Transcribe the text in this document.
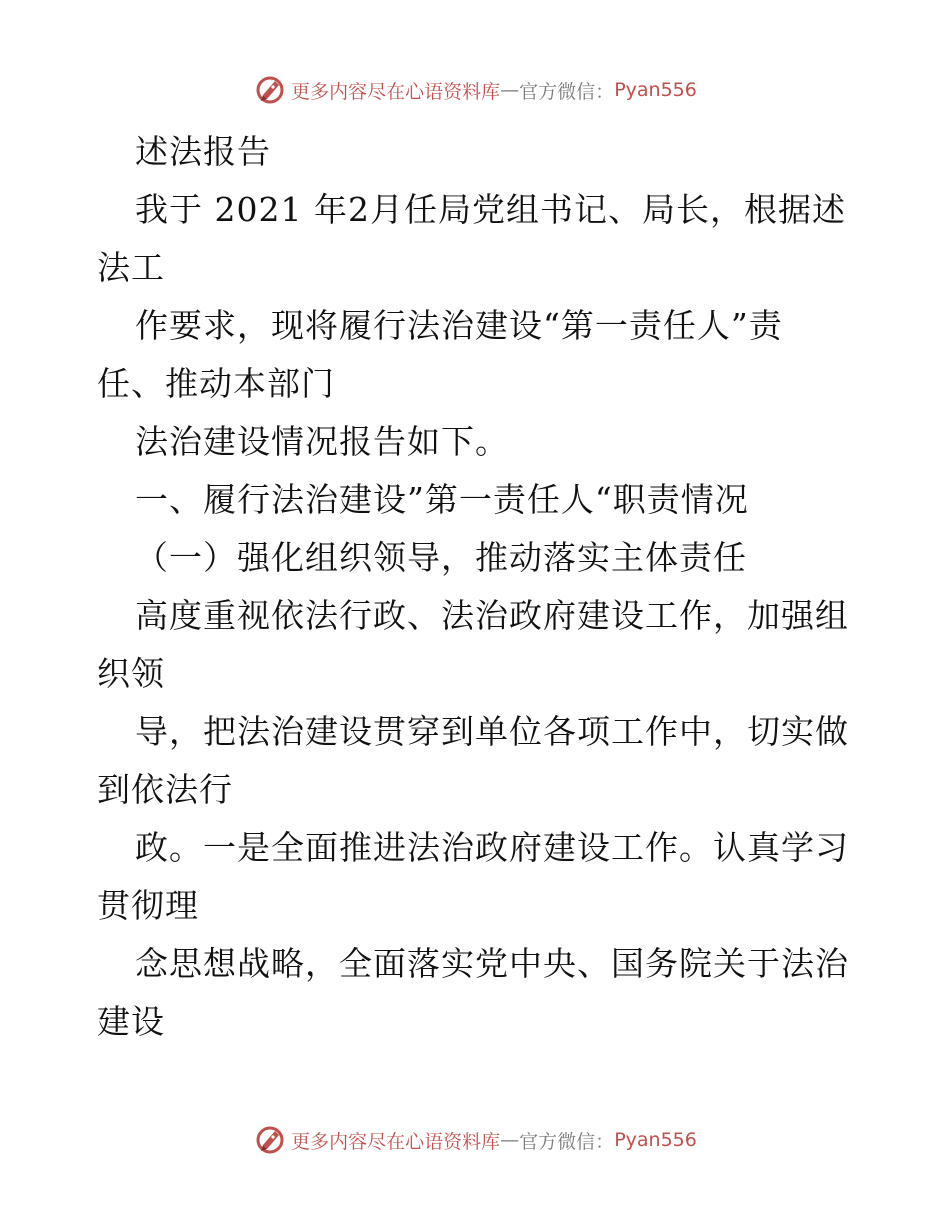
更多内容尽在心语资料库 — 官方微信： Pyan556
述法报告
我于 2021 年2月任局党组书记、局长，根据述
法工
作要求，现将履行法治建设“第一责任人”责
任、推动本部门
法治建设情况报告如下。
一、履行法治建设”第一责任人“职责情况
（一）强化组织领导，推动落实主体责任
高度重视依法行政、法治政府建设工作，加强组
织领
导，把法治建设贯穿到单位各项工作中，切实做
到依法行
政。一是全面推进法治政府建设工作。认真学习
贯彻理
念思想战略，全面落实党中央、国务院关于法治
建设
更多内容尽在心语资料库 — 官方微信： Pyan556
